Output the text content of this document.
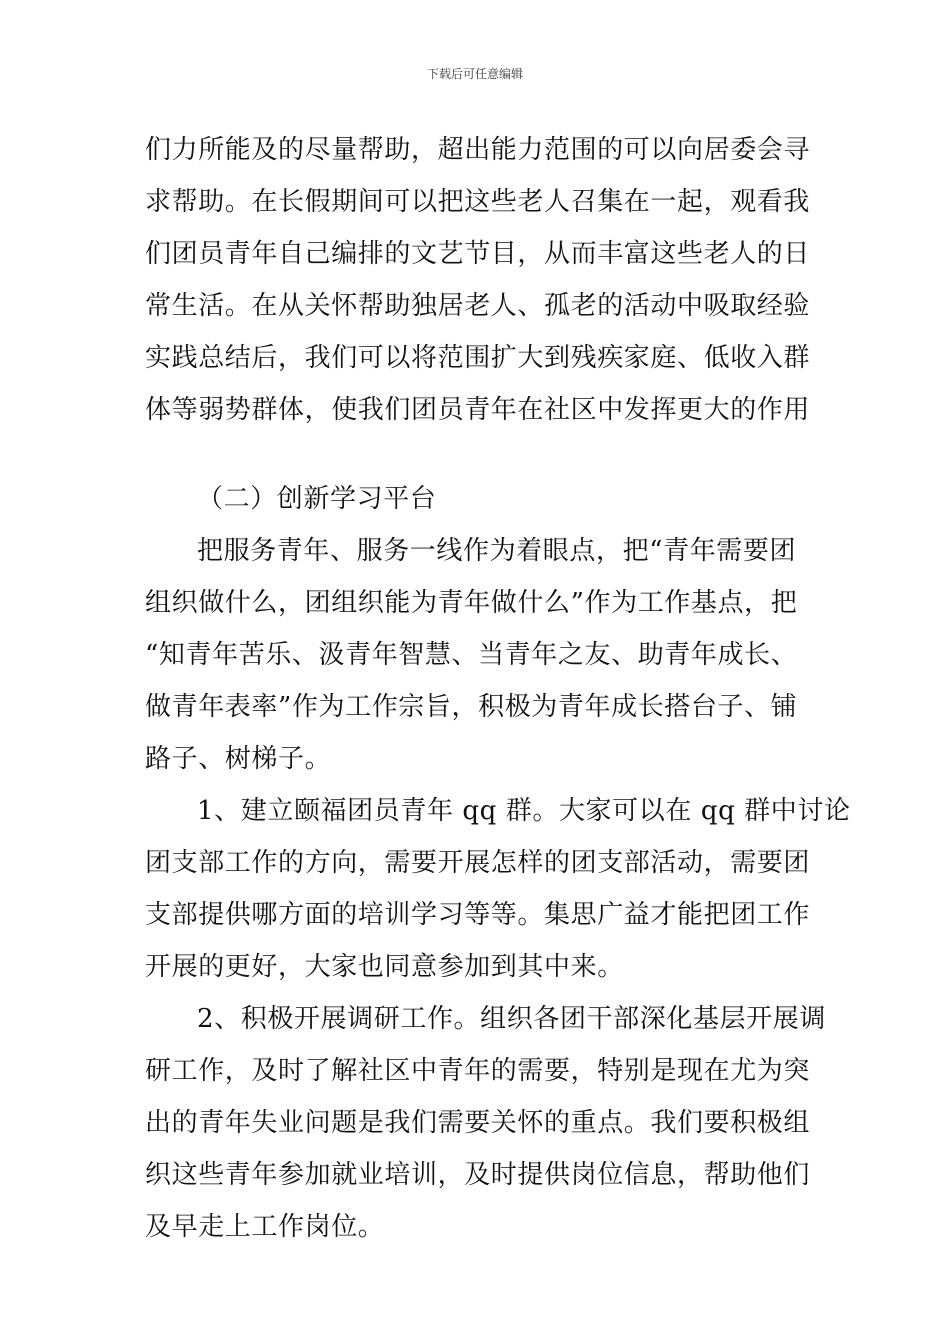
下载后可任意编辑
们力所能及的尽量帮助，超出能力范围的可以向居委会寻
求帮助。在长假期间可以把这些老人召集在一起，观看我
们团员青年自己编排的文艺节目，从而丰富这些老人的日
常生活。在从关怀帮助独居老人、孤老的活动中吸取经验
实践总结后，我们可以将范围扩大到残疾家庭、低收入群
体等弱势群体，使我们团员青年在社区中发挥更大的作用
（二）创新学习平台
把服务青年、服务一线作为着眼点，把“青年需要团
组织做什么，团组织能为青年做什么”作为工作基点，把
“知青年苦乐、汲青年智慧、当青年之友、助青年成长、
做青年表率”作为工作宗旨，积极为青年成长搭台子、铺
路子、树梯子。
1、建立颐福团员青年 qq 群。大家可以在 qq 群中讨论
团支部工作的方向，需要开展怎样的团支部活动，需要团
支部提供哪方面的培训学习等等。集思广益才能把团工作
开展的更好，大家也同意参加到其中来。
2、积极开展调研工作。组织各团干部深化基层开展调
研工作，及时了解社区中青年的需要，特别是现在尤为突
出的青年失业问题是我们需要关怀的重点。我们要积极组
织这些青年参加就业培训，及时提供岗位信息，帮助他们
及早走上工作岗位。
